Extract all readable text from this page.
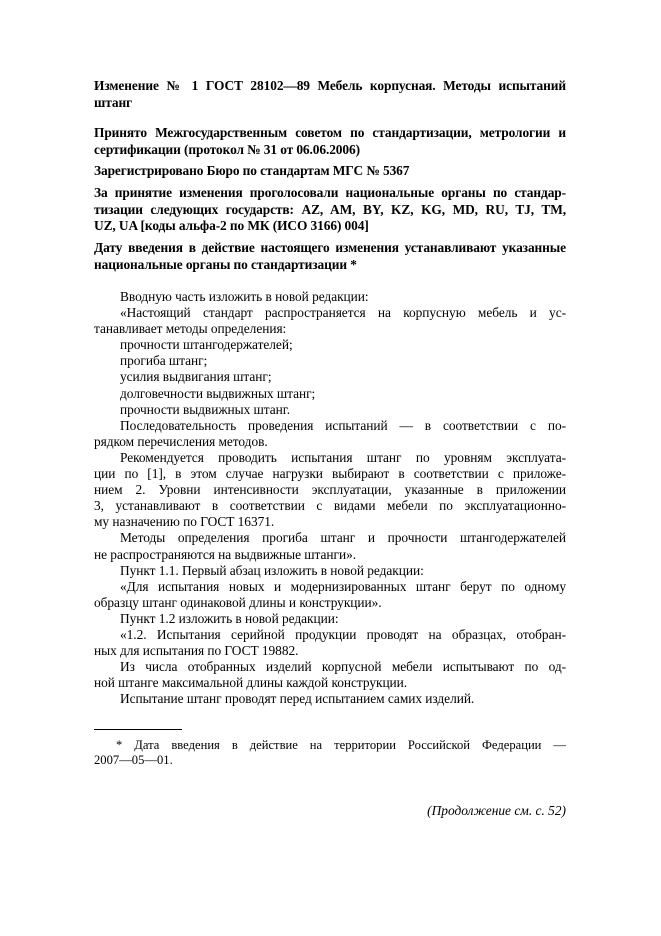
Изменение № 1 ГОСТ 28102—89 Мебель корпусная. Методы испытаний
штанг

Принято Межгосударственным советом по стандартизации, метрологии и
сертификации (протокол № 31 от 06.06.2006)

Зарегистрировано Бюро по стандартам МГС № 5367

За принятие изменения проголосовали национальные органы по стандар-
тизации следующих государств: AZ, AM, BY, KZ, KG, MD, RU, TJ, TM,
UZ, UA [коды альфа-2 по МК (ИСО 3166) 004]

Дату введения в действие настоящего изменения устанавливают указанные
национальные органы по стандартизации *

Вводную часть изложить в новой редакции:
«Настоящий стандарт распространяется на корпусную мебель и ус-
танавливает методы определения:
прочности штангодержателей;
прогиба штанг;
усилия выдвигания штанг;
долговечности выдвижных штанг;
прочности выдвижных штанг.
Последовательность проведения испытаний — в соответствии с по-
рядком перечисления методов.
Рекомендуется проводить испытания штанг по уровням эксплуата-
ции по [1], в этом случае нагрузки выбирают в соответствии с приложе-
нием 2. Уровни интенсивности эксплуатации, указанные в приложении
3, устанавливают в соответствии с видами мебели по эксплуатационно-
му назначению по ГОСТ 16371.
Методы определения прогиба штанг и прочности штангодержателей
не распространяются на выдвижные штанги».
Пункт 1.1. Первый абзац изложить в новой редакции:
«Для испытания новых и модернизированных штанг берут по одному
образцу штанг одинаковой длины и конструкции».
Пункт 1.2 изложить в новой редакции:
«1.2. Испытания серийной продукции проводят на образцах, отобран-
ных для испытания по ГОСТ 19882.
Из числа отобранных изделий корпусной мебели испытывают по од-
ной штанге максимальной длины каждой конструкции.
Испытание штанг проводят перед испытанием самих изделий.
* Дата введения в действие на территории Российской Федерации —
2007—05—01.
(Продолжение см. с. 52)
